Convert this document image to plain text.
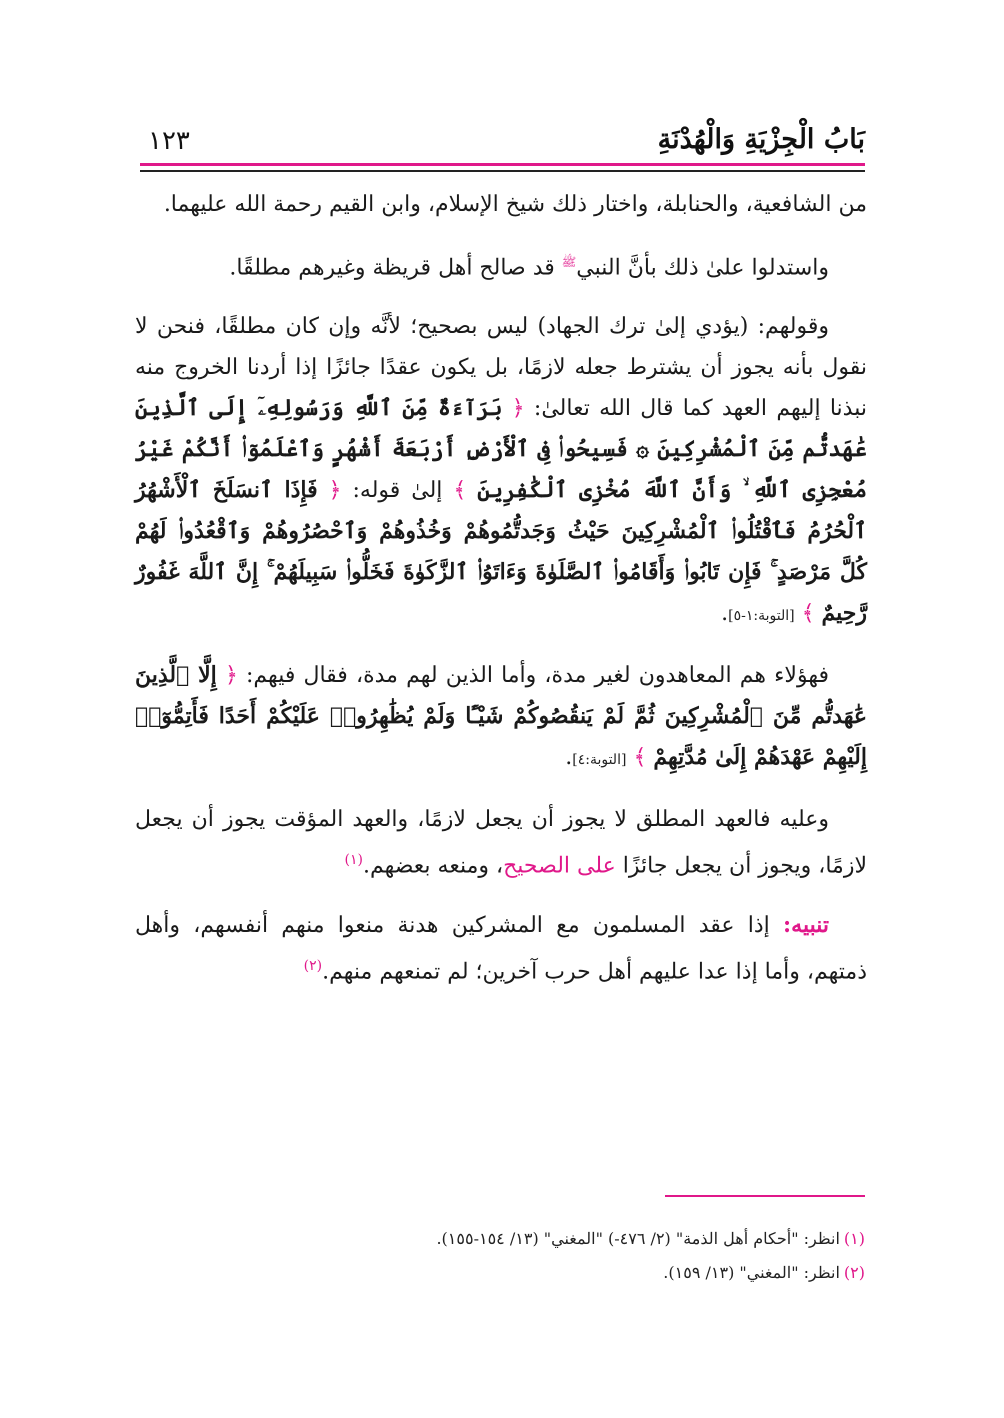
بَابُ الْجِزْيَةِ وَالْهُدْنَةِ
١٢٣

من الشافعية، والحنابلة، واختار ذلك شيخ الإسلام، وابن القيم رحمة الله عليهما.

واستدلوا علىٰ ذلك بأنَّ النبي$^ﷺ$ قد صالح أهل قريظة وغيرهم مطلقًا.

وقولهم: (يؤدي إلىٰ ترك الجهاد) ليس بصحيح؛ لأنَّه وإن كان مطلقًا، فنحن لا نقول بأنه يجوز أن يشترط جعله لازمًا، بل يكون عقدًا جائزًا إذا أردنا الخروج منه نبذنا إليهم العهد كما قال الله تعالىٰ: ﴿ بَرَآءَةٌ مِّنَ ٱللَّهِ وَرَسُولِهِۦٓ إِلَى ٱلَّذِينَ عَٰهَدتُّم مِّنَ ٱلْمُشْرِكِينَ ۞ فَسِيحُوا۟ فِى ٱلْأَرْضِ أَرْبَعَةَ أَشْهُرٍ وَٱعْلَمُوٓا۟ أَنَّكُمْ غَيْرُ مُعْجِزِى ٱللَّهِ ۙ وَأَنَّ ٱللَّهَ مُخْزِى ٱلْكَٰفِرِينَ ﴾ إلىٰ قوله: ﴿ فَإِذَا ٱنسَلَخَ ٱلْأَشْهُرُ ٱلْحُرُمُ فَٱقْتُلُوا۟ ٱلْمُشْرِكِينَ حَيْثُ وَجَدتُّمُوهُمْ وَخُذُوهُمْ وَٱحْصُرُوهُمْ وَٱقْعُدُوا۟ لَهُمْ كُلَّ مَرْصَدٍ ۚ فَإِن تَابُوا۟ وَأَقَامُوا۟ ٱلصَّلَوٰةَ وَءَاتَوُا۟ ٱلزَّكَوٰةَ فَخَلُّوا۟ سَبِيلَهُمْ ۚ إِنَّ ٱللَّهَ غَفُورٌ رَّحِيمٌ ﴾ [التوبة:١-٥].

فهؤلاء هم المعاهدون لغير مدة، وأما الذين لهم مدة، فقال فيهم: ﴿ إِلَّا ٱلَّذِينَ عَٰهَدتُّم مِّنَ ٱلْمُشْرِكِينَ ثُمَّ لَمْ يَنقُصُوكُمْ شَيْـًٔا وَلَمْ يُظَٰهِرُوا۟ عَلَيْكُمْ أَحَدًا فَأَتِمُّوٓا۟ إِلَيْهِمْ عَهْدَهُمْ إِلَىٰ مُدَّتِهِمْ ﴾ [التوبة:٤].

وعليه فالعهد المطلق لا يجوز أن يجعل لازمًا، والعهد المؤقت يجوز أن يجعل لازمًا، ويجوز أن يجعل جائزًا على الصحيح، ومنعه بعضهم.$^{(١)}$

تنبيه: إذا عقد المسلمون مع المشركين هدنة منعوا منهم أنفسهم، وأهل ذمتهم، وأما إذا عدا عليهم أهل حرب آخرين؛ لم تمنعهم منهم.$^{(٢)}$

(١)انظر: "أحكام أهل الذمة" (٢/ ٤٧٦-) "المغني" (١٣/ ١٥٤-١٥٥).
(٢)انظر: "المغني" (١٣/ ١٥٩).
